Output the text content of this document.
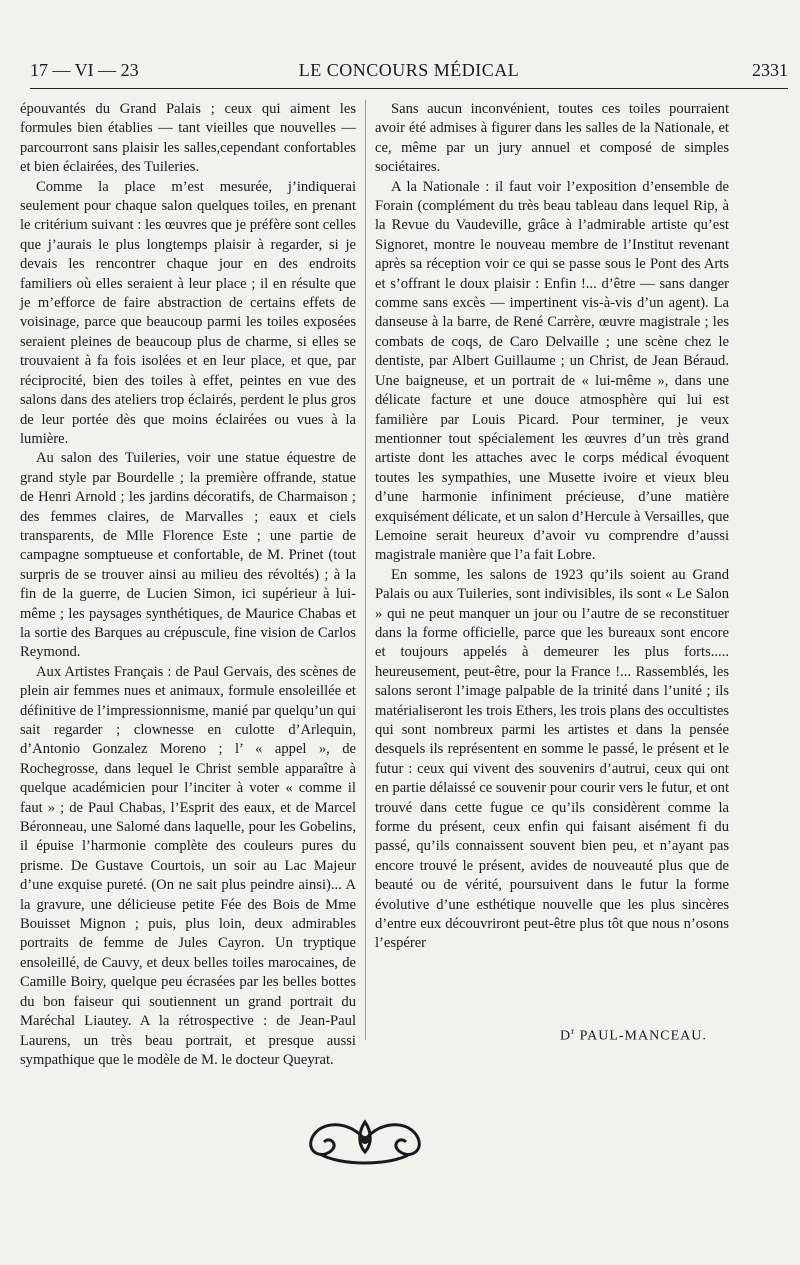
17 — VI — 23	LE CONCOURS MÉDICAL	2331

épouvantés du Grand Palais ; ceux qui aiment les formules bien établies — tant vieilles que nouvelles — parcourront sans plaisir les salles,cependant confortables et bien éclairées, des Tuileries.

Comme la place m’est mesurée, j’indiquerai seulement pour chaque salon quelques toiles, en prenant le critérium suivant : les œuvres que je préfère sont celles que j’aurais le plus longtemps plaisir à regarder, si je devais les rencontrer chaque jour en des endroits familiers où elles seraient à leur place ; il en résulte que je m’efforce de faire abstraction de certains effets de voisinage, parce que beaucoup parmi les toiles exposées seraient pleines de beaucoup plus de charme, si elles se trouvaient à fa fois isolées et en leur place, et que, par réciprocité, bien des toiles à effet, peintes en vue des salons dans des ateliers trop éclairés, perdent le plus gros de leur portée dès que moins éclairées ou vues à la lumière.

Au salon des Tuileries, voir une statue équestre de grand style par Bourdelle ; la première offrande, statue de Henri Arnold ; les jardins décoratifs, de Charmaison ; des femmes claires, de Marvalles ; eaux et ciels transparents, de Mlle Florence Este ; une partie de campagne somptueuse et confortable, de M. Prinet (tout surpris de se trouver ainsi au milieu des révoltés) ; à la fin de la guerre, de Lucien Simon, ici supérieur à lui-même ; les paysages synthétiques, de Maurice Chabas et la sortie des Barques au crépuscule, fine vision de Carlos Reymond.

Aux Artistes Français : de Paul Gervais, des scènes de plein air femmes nues et animaux, formule ensoleillée et définitive de l’impressionnisme, manié par quelqu’un qui sait regarder ; clownesse en culotte d’Arlequin, d’Antonio Gonzalez Moreno ; l’ « appel », de Rochegrosse, dans lequel le Christ semble apparaître à quelque académicien pour l’inciter à voter « comme il faut » ; de Paul Chabas, l’Esprit des eaux, et de Marcel Béronneau, une Salomé dans laquelle, pour les Gobelins, il épuise l’harmonie complète des couleurs pures du prisme. De Gustave Courtois, un soir au Lac Majeur d’une exquise pureté. (On ne sait plus peindre ainsi)... A la gravure, une délicieuse petite Fée des Bois de Mme Bouisset Mignon ; puis, plus loin, deux admirables portraits de femme de Jules Cayron. Un tryptique ensoleillé, de Cauvy, et deux belles toiles marocaines, de Camille Boiry, quelque peu écrasées par les belles bottes du bon faiseur qui soutiennent un grand portrait du Maréchal Liautey. A la rétrospective : de Jean-Paul Laurens, un très beau portrait, et presque aussi sympathique que le modèle de M. le docteur Queyrat.

Sans aucun inconvénient, toutes ces toiles pourraient avoir été admises à figurer dans les salles de la Nationale, et ce, même par un jury annuel et composé de simples sociétaires.

A la Nationale : il faut voir l’exposition d’ensemble de Forain (complément du très beau tableau dans lequel Rip, à la Revue du Vaudeville, grâce à l’admirable artiste qu’est Signoret, montre le nouveau membre de l’Institut revenant après sa réception voir ce qui se passe sous le Pont des Arts et s’offrant le doux plaisir : Enfin !... d’être — sans danger comme sans excès — impertinent vis-à-vis d’un agent). La danseuse à la barre, de René Carrère, œuvre magistrale ; les combats de coqs, de Caro Delvaille ; une scène chez le dentiste, par Albert Guillaume ; un Christ, de Jean Béraud. Une baigneuse, et un portrait de « lui-même », dans une délicate facture et une douce atmosphère qui lui est familière par Louis Picard. Pour terminer, je veux mentionner tout spécialement les œuvres d’un très grand artiste dont les attaches avec le corps médical évoquent toutes les sympathies, une Musette ivoire et vieux bleu d’une harmonie infiniment précieuse, d’une matière exquisément délicate, et un salon d’Hercule à Versailles, que Lemoine serait heureux d’avoir vu comprendre d’aussi magistrale manière que l’a fait Lobre.

En somme, les salons de 1923 qu’ils soient au Grand Palais ou aux Tuileries, sont indivisibles, ils sont « Le Salon » qui ne peut manquer un jour ou l’autre de se reconstituer dans la forme officielle, parce que les bureaux sont encore et toujours appelés à demeurer les plus forts..... heureusement, peut-être, pour la France !... Rassemblés, les salons seront l’image palpable de la trinité dans l’unité ; ils matérialiseront les trois Ethers, les trois plans des occultistes qui sont nombreux parmi les artistes et dans la pensée desquels ils représentent en somme le passé, le présent et le futur : ceux qui vivent des souvenirs d’autrui, ceux qui ont en partie délaissé ce souvenir pour courir vers le futur, et ont trouvé dans cette fugue ce qu’ils considèrent comme la forme du présent, ceux enfin qui faisant aisément fi du passé, qu’ils connaissent souvent bien peu, et n’ayant pas encore trouvé le présent, avides de nouveauté plus que de beauté ou de vérité, poursuivent dans le futur la forme évolutive d’une esthétique nouvelle que les plus sincères d’entre eux découvriront peut-être plus tôt que nous n’osons l’espérer

$D^r$ PAUL-MANCEAU.
